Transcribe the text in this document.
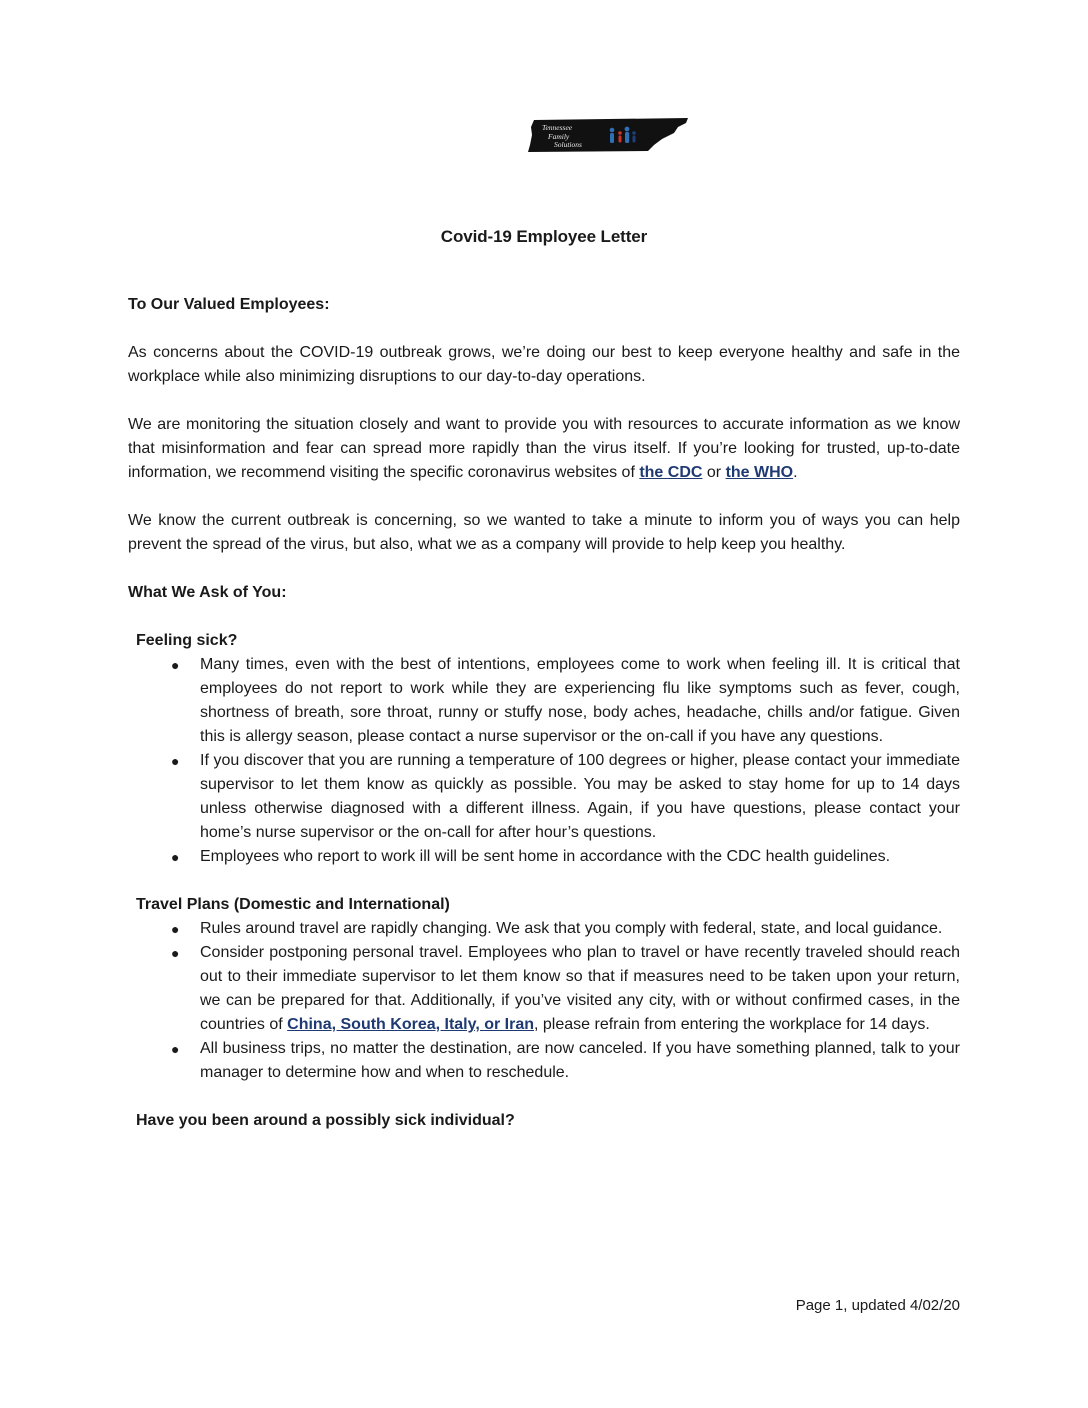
Tennessee
Family
Solutions
Covid-19 Employee Letter

To Our Valued Employees:

As concerns about the COVID-19 outbreak grows, we’re doing our best to keep everyone healthy and safe in the workplace while also minimizing disruptions to our day-to-day operations.

We are monitoring the situation closely and want to provide you with resources to accurate information as we know that misinformation and fear can spread more rapidly than the virus itself. If you’re looking for trusted, up-to-date information, we recommend visiting the specific coronavirus websites of the CDC or the WHO.

We know the current outbreak is concerning, so we wanted to take a minute to inform you of ways you can help prevent the spread of the virus, but also, what we as a company will provide to help keep you healthy.

What We Ask of You:

Feeling sick?

● Many times, even with the best of intentions, employees come to work when feeling ill. It is critical that employees do not report to work while they are experiencing flu like symptoms such as fever, cough, shortness of breath, sore throat, runny or stuffy nose, body aches, headache, chills and/or fatigue. Given this is allergy season, please contact a nurse supervisor or the on-call if you have any questions.
● If you discover that you are running a temperature of 100 degrees or higher, please contact your immediate supervisor to let them know as quickly as possible. You may be asked to stay home for up to 14 days unless otherwise diagnosed with a different illness. Again, if you have questions, please contact your home’s nurse supervisor or the on-call for after hour’s questions.
● Employees who report to work ill will be sent home in accordance with the CDC health guidelines.

Travel Plans (Domestic and International)

● Rules around travel are rapidly changing. We ask that you comply with federal, state, and local guidance.
● Consider postponing personal travel. Employees who plan to travel or have recently traveled should reach out to their immediate supervisor to let them know so that if measures need to be taken upon your return, we can be prepared for that. Additionally, if you’ve visited any city, with or without confirmed cases, in the countries of China, South Korea, Italy, or Iran, please refrain from entering the workplace for 14 days.
● All business trips, no matter the destination, are now canceled. If you have something planned, talk to your manager to determine how and when to reschedule.

Have you been around a possibly sick individual?

Page 1, updated 4/02/20
